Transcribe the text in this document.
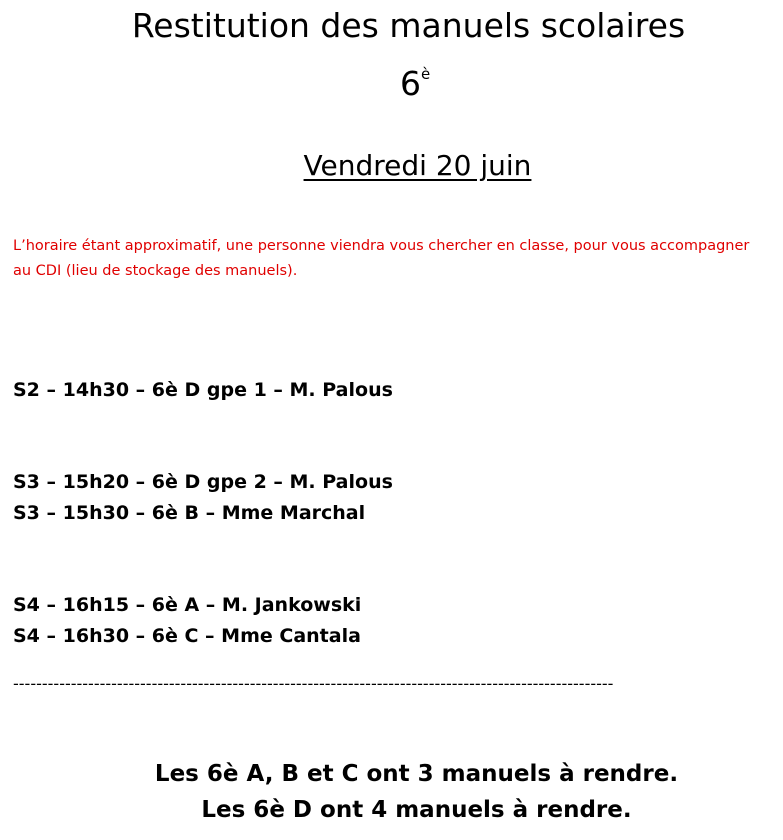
Restitution des manuels scolaires
$6^è$
Vendredi 20 juin
L’horaire étant approximatif, une personne viendra vous chercher en classe, pour vous accompagner au CDI (lieu de stockage des manuels).
S2 – 14h30 – 6è D gpe 1 – M. Palous
S3 – 15h20 – 6è D gpe 2 – M. Palous
S3 – 15h30 – 6è B – Mme Marchal
S4 – 16h15 – 6è A – M. Jankowski
S4 – 16h30 – 6è C – Mme Cantala
--------------------------------------------------------------------------------------------------------
Les 6è A, B et C ont 3 manuels à rendre.
Les 6è D ont 4 manuels à rendre.
